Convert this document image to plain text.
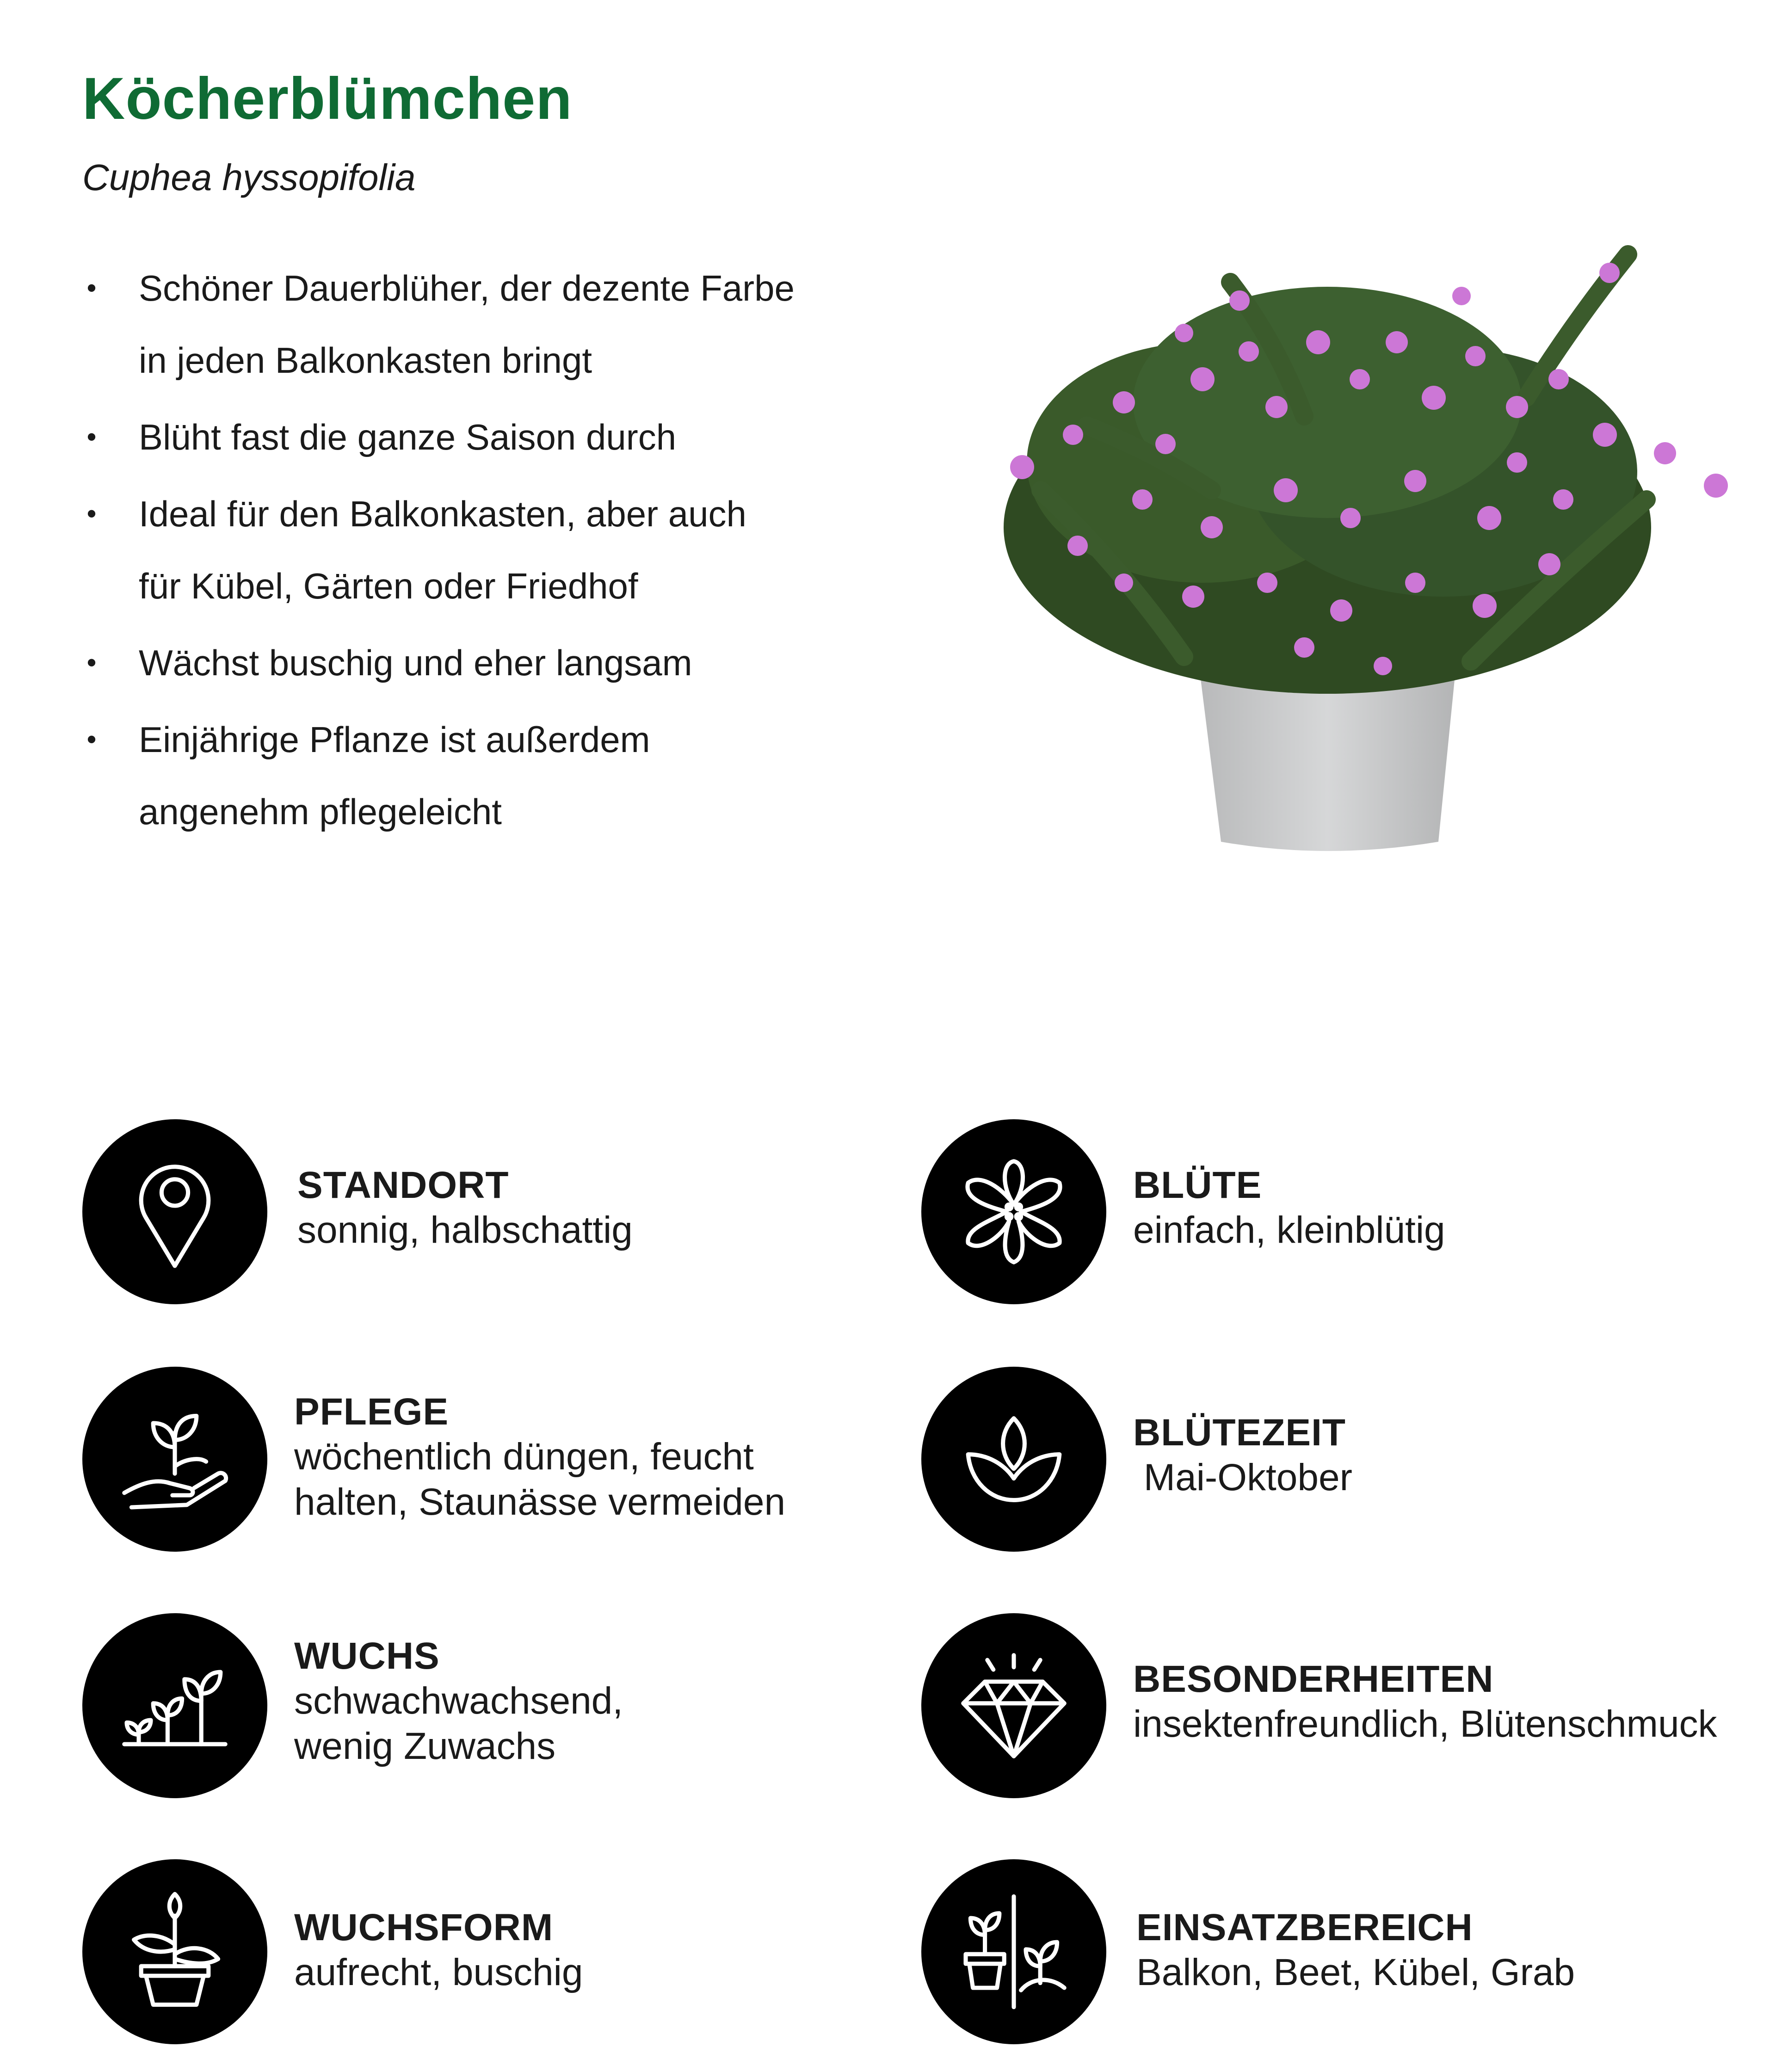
Köcherblümchen

Cuphea hyssopifolia

• Schöner Dauerblüher, der dezente Farbe
in jeden Balkonkasten bringt
• Blüht fast die ganze Saison durch
• Ideal für den Balkonkasten, aber auch
für Kübel, Gärten oder Friedhof
• Wächst buschig und eher langsam
• Einjährige Pflanze ist außerdem
angenehm pflegeleicht
STANDORT
sonnig, halbschattig
BLÜTE
einfach, kleinblütig
PFLEGE
wöchentlich düngen, feucht
halten, Staunässe vermeiden
BLÜTEZEIT
Mai-Oktober
WUCHS
schwachwachsend,
wenig Zuwachs
BESONDERHEITEN
insektenfreundlich, Blütenschmuck
WUCHSFORM
aufrecht, buschig
EINSATZBEREICH
Balkon, Beet, Kübel, Grab
